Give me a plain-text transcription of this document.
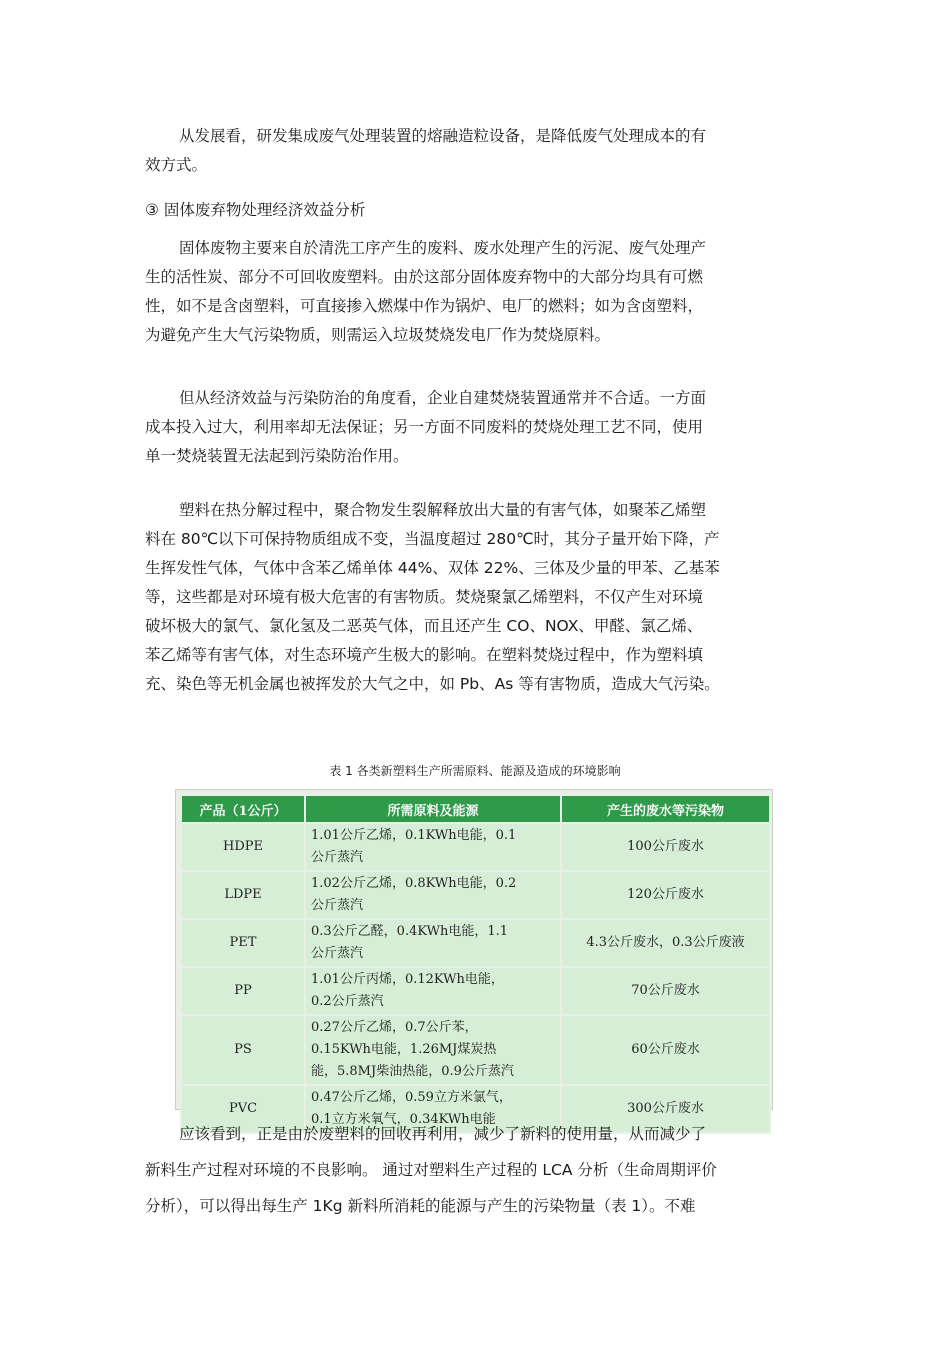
从发展看，研发集成废气处理装置的熔融造粒设备，是降低废气处理成本的有
效方式。
③ 固体废弃物处理经济效益分析
固体废物主要来自於清洗工序产生的废料、废水处理产生的污泥、废气处理产
生的活性炭、部分不可回收废塑料。由於这部分固体废弃物中的大部分均具有可燃
性，如不是含卤塑料，可直接掺入燃煤中作为锅炉、电厂的燃料；如为含卤塑料，
为避免产生大气污染物质，则需运入垃圾焚烧发电厂作为焚烧原料。
但从经济效益与污染防治的角度看，企业自建焚烧装置通常并不合适。一方面
成本投入过大，利用率却无法保证；另一方面不同废料的焚烧处理工艺不同，使用
单一焚烧装置无法起到污染防治作用。
塑料在热分解过程中，聚合物发生裂解释放出大量的有害气体，如聚苯乙烯塑
料在 80℃以下可保持物质组成不变，当温度超过 280℃时，其分子量开始下降，产
生挥发性气体，气体中含苯乙烯单体 44%、双体 22%、三体及少量的甲苯、乙基苯
等，这些都是对环境有极大危害的有害物质。焚烧聚氯乙烯塑料，不仅产生对环境
破坏极大的氯气、氯化氢及二恶英气体，而且还产生 CO、NOX、甲醛、氯乙烯、
苯乙烯等有害气体，对生态环境产生极大的影响。在塑料焚烧过程中，作为塑料填
充、染色等无机金属也被挥发於大气之中，如 Pb、As 等有害物质，造成大气污染。
表 1 各类新塑料生产所需原料、能源及造成的环境影响
产品（1公斤）	所需原料及能源	产生的废水等污染物
HDPE	1.01公斤乙烯，0.1KWh电能，0.1
公斤蒸汽	100公斤废水
LDPE	1.02公斤乙烯，0.8KWh电能，0.2
公斤蒸汽	120公斤废水
PET	0.3公斤乙醛，0.4KWh电能，1.1
公斤蒸汽	4.3公斤废水，0.3公斤废液
PP	1.01公斤丙烯，0.12KWh电能，
0.2公斤蒸汽	70公斤废水
PS	0.27公斤乙烯，0.7公斤苯，
0.15KWh电能，1.26MJ煤炭热
能，5.8MJ柴油热能，0.9公斤蒸汽	60公斤废水
PVC	0.47公斤乙烯，0.59立方米氯气，
0.1立方米氧气，0.34KWh电能	300公斤废水
应该看到，正是由於废塑料的回收再利用，减少了新料的使用量，从而减少了
新料生产过程对环境的不良影响。 通过对塑料生产过程的 LCA 分析（生命周期评价
分析），可以得出每生产 1Kg 新料所消耗的能源与产生的污染物量（表 1）。不难
